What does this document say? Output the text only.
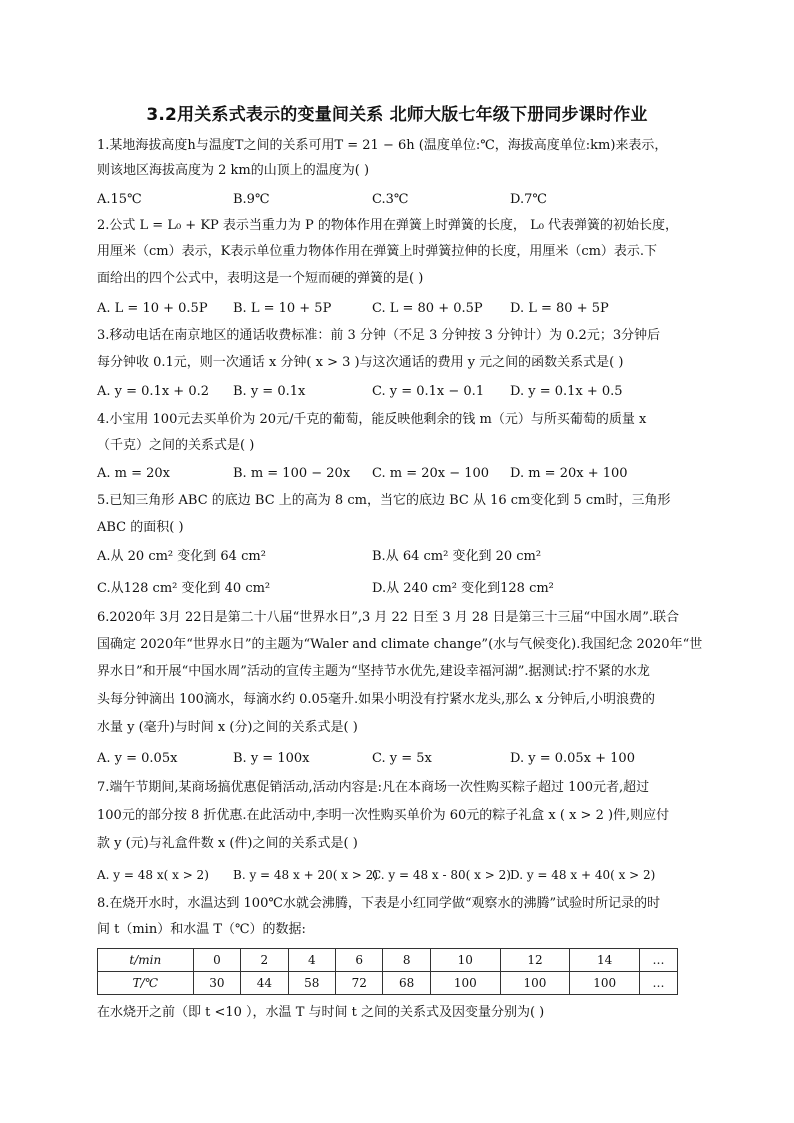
3.2用关系式表示的变量间关系 北师大版七年级下册同步课时作业
1.某地海拔高度h与温度T之间的关系可用T = 21 − 6h (温度单位:℃，海拔高度单位:km)来表示，
则该地区海拔高度为 2 km的山顶上的温度为( )
A.15℃	B.9℃	C.3℃	D.7℃
2.公式 L = L₀ + KP 表示当重力为 P 的物体作用在弹簧上时弹簧的长度， L₀ 代表弹簧的初始长度，
用厘米（cm）表示，K表示单位重力物体作用在弹簧上时弹簧拉伸的长度，用厘米（cm）表示.下
面给出的四个公式中，表明这是一个短而硬的弹簧的是( )
A. L = 10 + 0.5P B. L = 10 + 5P	C. L = 80 + 0.5P D. L = 80 + 5P
3.移动电话在南京地区的通话收费标准：前 3 分钟（不足 3 分钟按 3 分钟计）为 0.2元；3分钟后
每分钟收 0.1元，则一次通话 x 分钟( x > 3 )与这次通话的费用 y 元之间的函数关系式是( )
A. y = 0.1x + 0.2 B. y = 0.1x	C. y = 0.1x − 0.1 D. y = 0.1x + 0.5
4.小宝用 100元去买单价为 20元/千克的葡萄，能反映他剩余的钱 m（元）与所买葡萄的质量 x
（千克）之间的关系式是( )
A. m = 20x	B. m = 100 − 20x C. m = 20x − 100 D. m = 20x + 100
5.已知三角形 ABC 的底边 BC 上的高为 8 cm，当它的底边 BC 从 16 cm变化到 5 cm时，三角形
ABC 的面积( )
A.从 20 cm² 变化到 64 cm²	B.从 64 cm² 变化到 20 cm²
C.从128 cm² 变化到 40 cm²	D.从 240 cm² 变化到128 cm²
6.2020年 3月 22日是第二十八届“世界水日”,3 月 22 日至 3 月 28 日是第三十三届“中国水周”.联合
国确定 2020年“世界水日”的主题为“Waler and climate change”(水与气候变化).我国纪念 2020年“世
界水日”和开展“中国水周”活动的宣传主题为“坚持节水优先,建设幸福河湖”.据测试:拧不紧的水龙
头每分钟滴出 100滴水，每滴水约 0.05毫升.如果小明没有拧紧水龙头,那么 x 分钟后,小明浪费的
水量 y (毫升)与时间 x (分)之间的关系式是( )
A. y = 0.05x	B. y = 100x	C. y = 5x	D. y = 0.05x + 100
7.端午节期间,某商场搞优惠促销活动,活动内容是:凡在本商场一次性购买粽子超过 100元者,超过
100元的部分按 8 折优惠.在此活动中,李明一次性购买单价为 60元的粽子礼盒 x ( x > 2 )件,则应付
款 y (元)与礼盒件数 x (件)之间的关系式是( )
A. y = 48 x( x > 2) B. y = 48 x + 20( x > 2)
C. y = 48 x - 80( x > 2) D. y = 48 x + 40( x > 2)
8.在烧开水时，水温达到 100℃水就会沸腾，下表是小红同学做“观察水的沸腾”试验时所记录的时
间 t（min）和水温 T（℃）的数据:
t/min	0	2	4	6	8	10	12	14	…
T/℃	30	44	58	72	68	100	100	100	…
在水烧开之前（即 t <10 ），水温 T 与时间 t 之间的关系式及因变量分别为( )
